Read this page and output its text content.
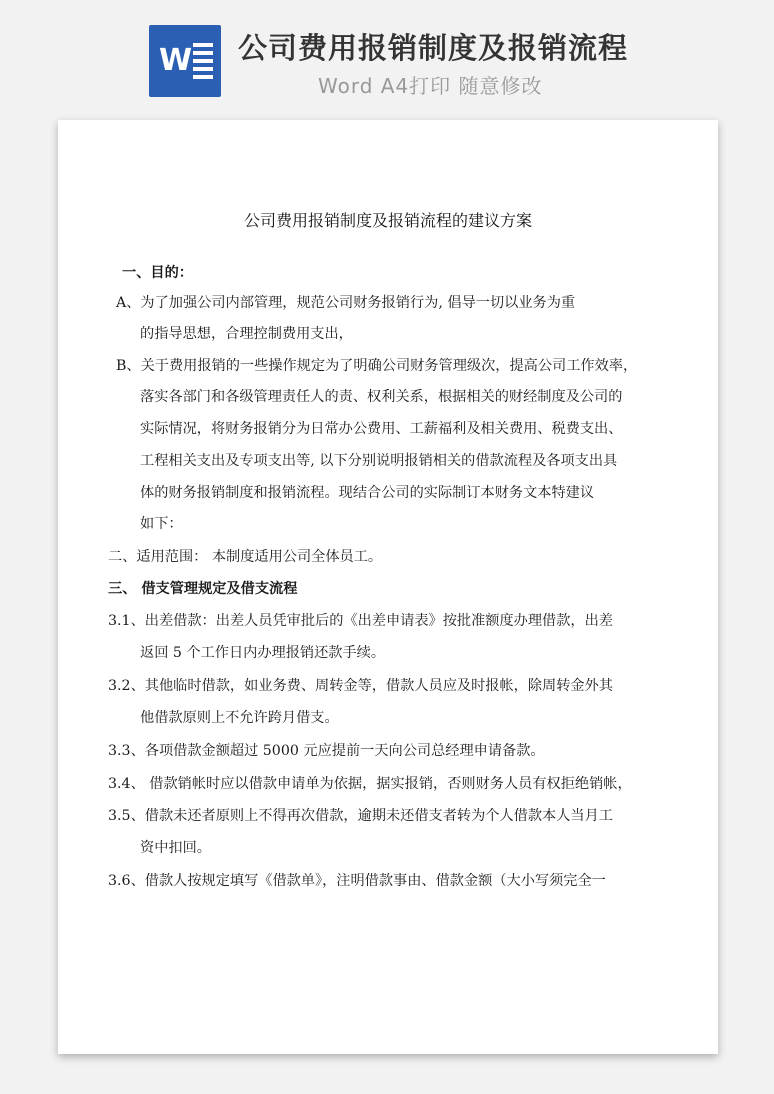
W 公司费用报销制度及报销流程
Word A4打印 随意修改
公司费用报销制度及报销流程的建议方案
一、目的：
A、为了加强公司内部管理，规范公司财务报销行为, 倡导一切以业务为重
的指导思想，合理控制费用支出，
B、关于费用报销的一些操作规定为了明确公司财务管理级次，提高公司工作效率，
落实各部门和各级管理责任人的责、权利关系，根据相关的财经制度及公司的
实际情况，将财务报销分为日常办公费用、工薪福利及相关费用、税费支出、
工程相关支出及专项支出等, 以下分别说明报销相关的借款流程及各项支出具
体的财务报销制度和报销流程。现结合公司的实际制订本财务文本特建议
如下：
二、适用范围： 本制度适用公司全体员工。
三、 借支管理规定及借支流程
3.1、出差借款：出差人员凭审批后的《出差申请表》按批准额度办理借款，出差
返回 5 个工作日内办理报销还款手续。
3.2、其他临时借款，如业务费、周转金等，借款人员应及时报帐，除周转金外其
他借款原则上不允许跨月借支。
3.3、各项借款金额超过 5000 元应提前一天向公司总经理申请备款。
3.4、 借款销帐时应以借款申请单为依据，据实报销，否则财务人员有权拒绝销帐，
3.5、借款未还者原则上不得再次借款，逾期未还借支者转为个人借款本人当月工
资中扣回。
3.6、借款人按规定填写《借款单》，注明借款事由、借款金额（大小写须完全一
